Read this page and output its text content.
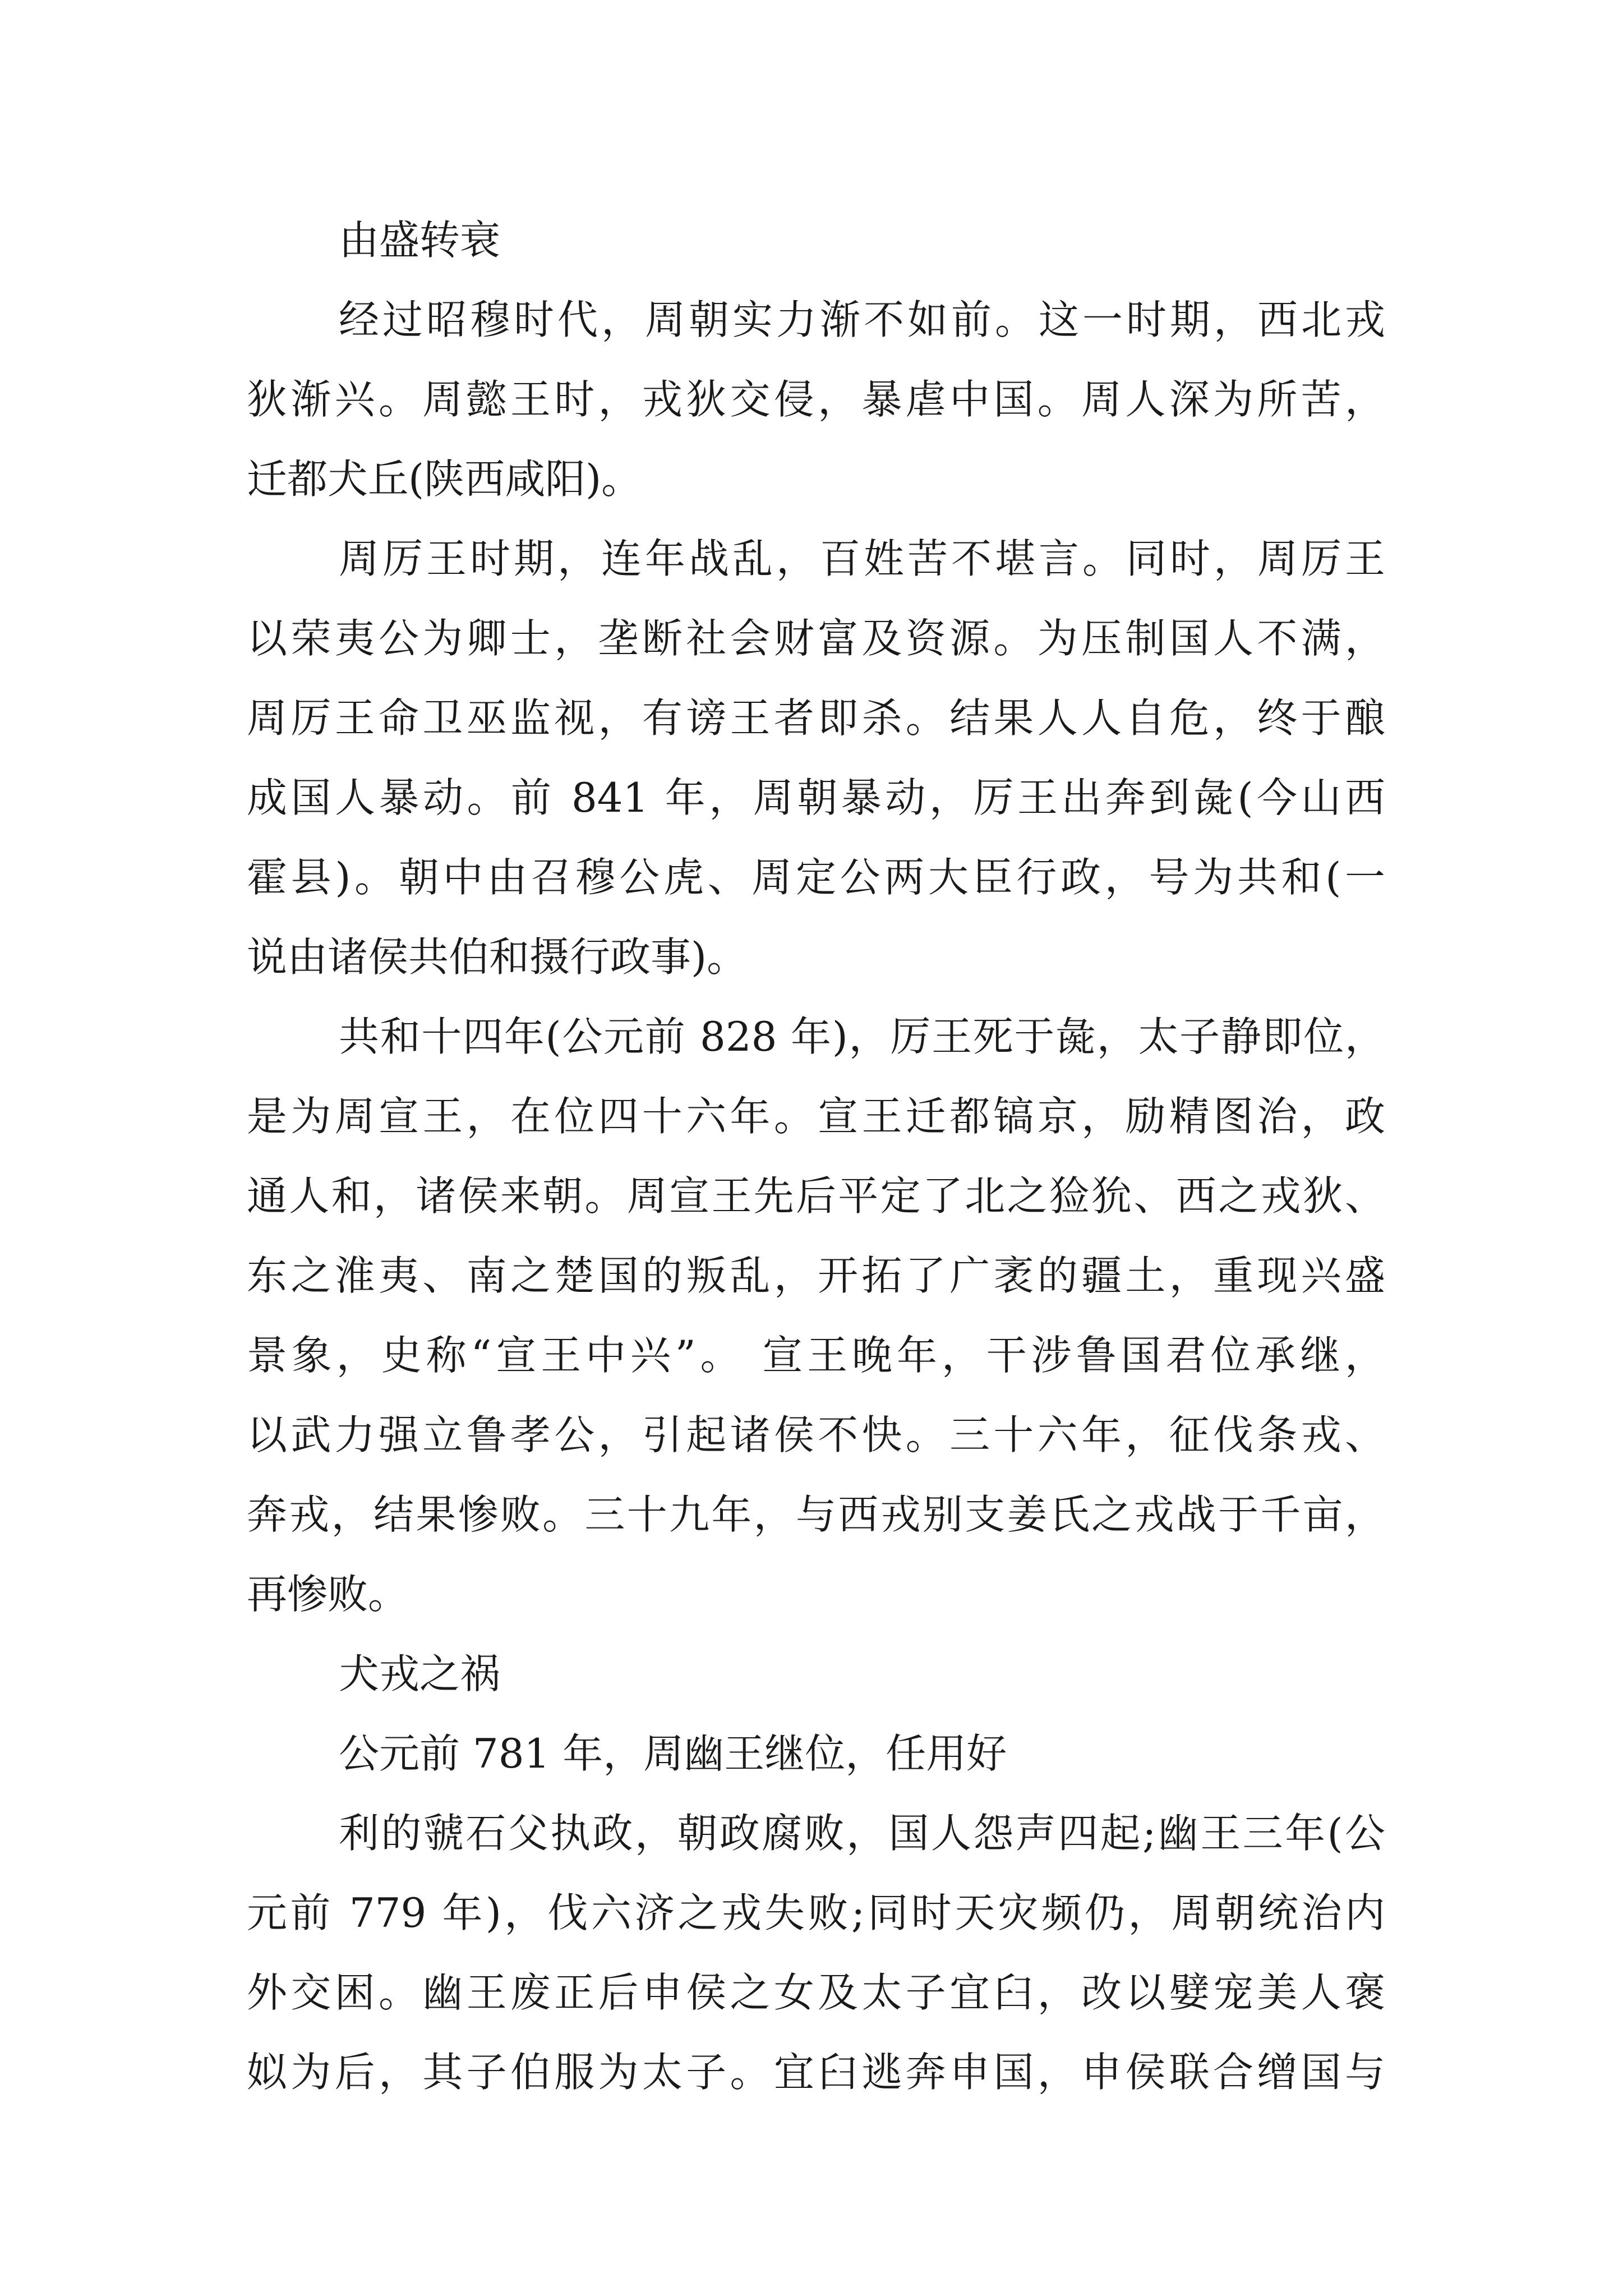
由盛转衰
经过昭穆时代，周朝实力渐不如前。这一时期，西北戎
狄渐兴。周懿王时，戎狄交侵，暴虐中国。周人深为所苦，
迁都犬丘(陕西咸阳)。
周厉王时期，连年战乱，百姓苦不堪言。同时，周厉王
以荣夷公为卿士，垄断社会财富及资源。为压制国人不满，
周厉王命卫巫监视，有谤王者即杀。结果人人自危，终于酿
成国人暴动。前 841 年，周朝暴动，厉王出奔到彘(今山西
霍县)。朝中由召穆公虎、周定公两大臣行政，号为共和(一
说由诸侯共伯和摄行政事)。
共和十四年(公元前 828 年)，厉王死于彘，太子静即位，
是为周宣王，在位四十六年。宣王迁都镐京，励精图治，政
通人和，诸侯来朝。周宣王先后平定了北之猃狁、西之戎狄、
东之淮夷、南之楚国的叛乱，开拓了广袤的疆土，重现兴盛
景象，史称“宣王中兴”。 宣王晚年，干涉鲁国君位承继，
以武力强立鲁孝公，引起诸侯不快。三十六年，征伐条戎、
奔戎，结果惨败。三十九年，与西戎别支姜氏之戎战于千亩，
再惨败。
犬戎之祸
公元前 781 年，周幽王继位，任用好
利的虢石父执政，朝政腐败，国人怨声四起;幽王三年(公
元前 779 年)，伐六济之戎失败;同时天灾频仍，周朝统治内
外交困。幽王废正后申侯之女及太子宜臼，改以嬖宠美人褒
姒为后，其子伯服为太子。宜臼逃奔申国，申侯联合缯国与
